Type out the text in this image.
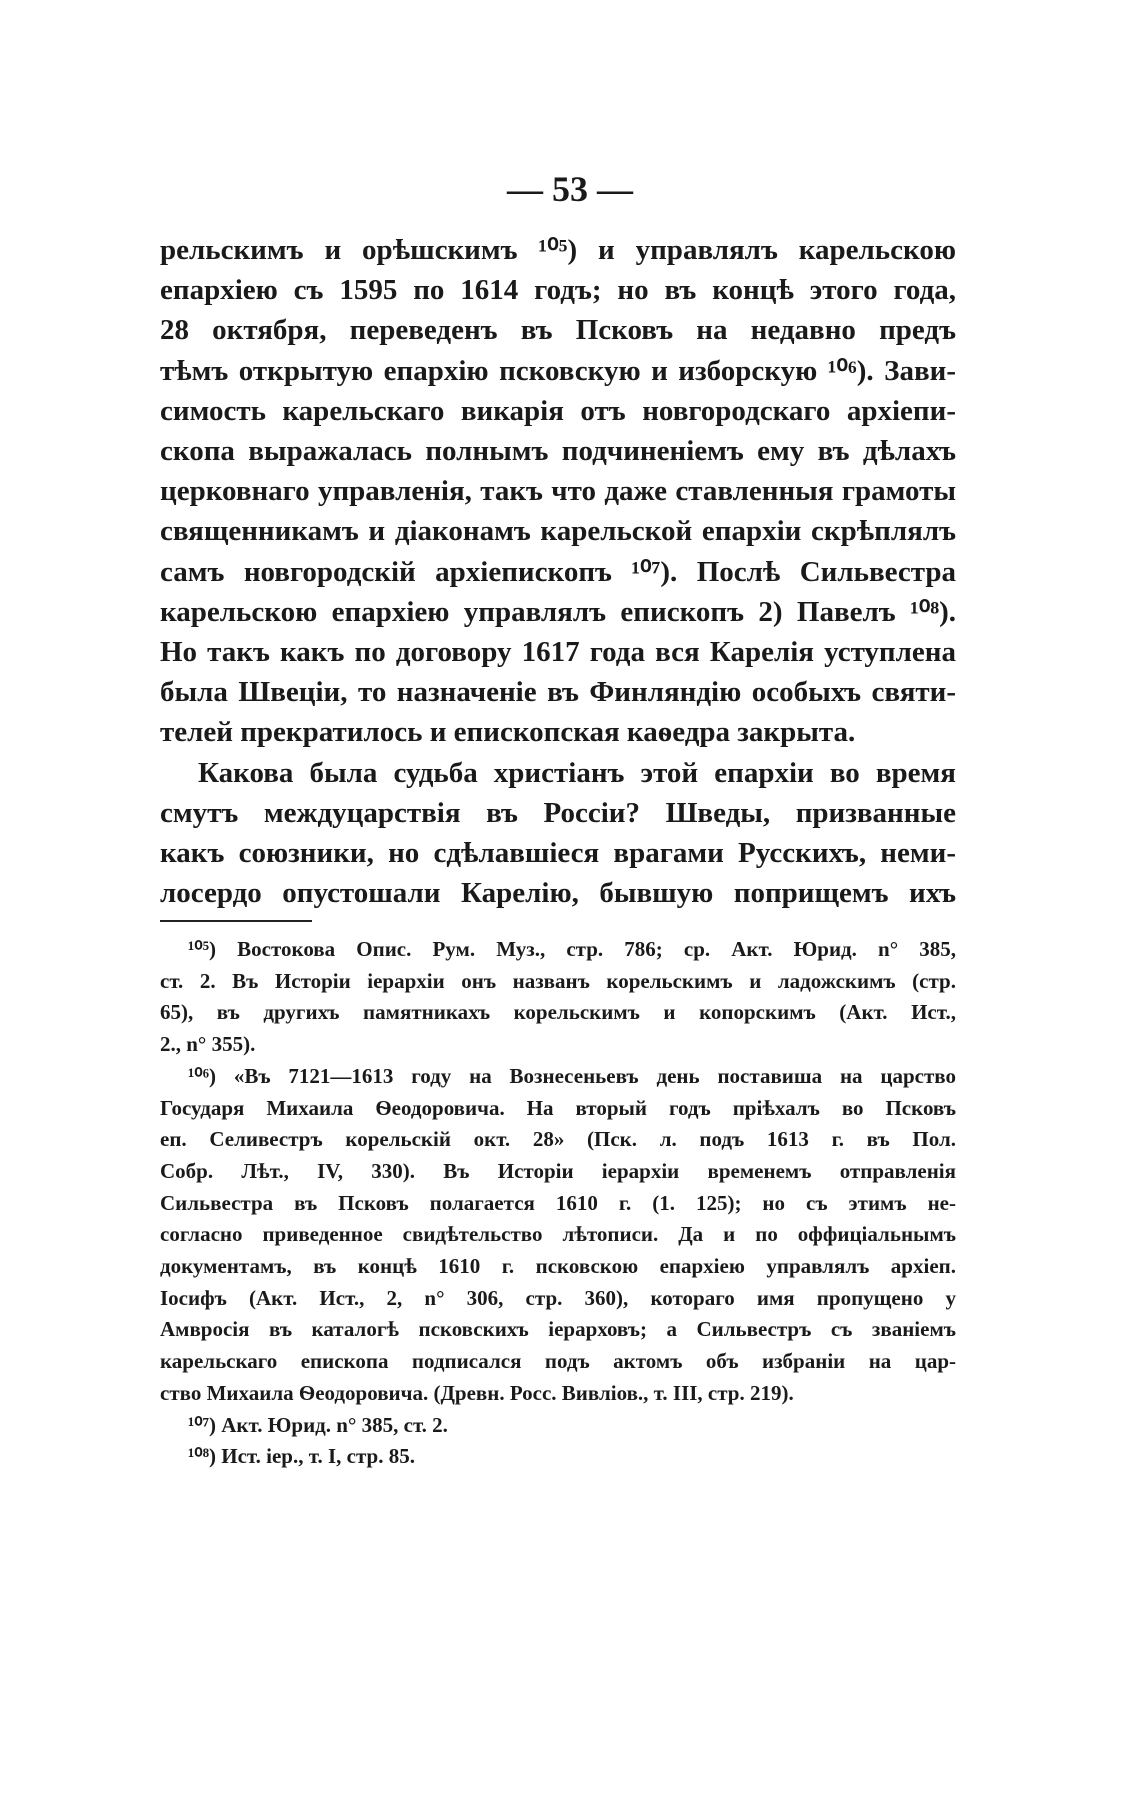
— 53 —
рельскимъ и орѣшскимъ ¹⁰⁵) и управлялъ карельскою
епархіею съ 1595 по 1614 годъ; но въ концѣ этого года,
28 октября, переведенъ въ Псковъ на недавно предъ
тѣмъ открытую епархію псковскую и изборскую ¹⁰⁶). Зави-
симость карельскаго викарія отъ новгородскаго архіепи-
скопа выражалась полнымъ подчиненіемъ ему въ дѣлахъ
церковнаго управленія, такъ что даже ставленныя грамоты
священникамъ и діаконамъ карельской епархіи скрѣплялъ
самъ новгородскій архіепископъ ¹⁰⁷). Послѣ Сильвестра
карельскою епархіею управлялъ епископъ 2) Павелъ ¹⁰⁸).
Но такъ какъ по договору 1617 года вся Карелія уступлена
была Швеціи, то назначеніе въ Финляндію особыхъ святи-
телей прекратилось и епископская каѳедра закрыта.
Какова была судьба христіанъ этой епархіи во время
смутъ междуцарствія въ Россіи? Шведы, призванные
какъ союзники, но сдѣлавшіеся врагами Русскихъ, неми-
лосердо опустошали Карелію, бывшую поприщемъ ихъ
¹⁰⁵) Востокова Опис. Рум. Муз., стр. 786; ср. Акт. Юрид. n° 385,
ст. 2. Въ Исторіи іерархіи онъ названъ корельскимъ и ладожскимъ (стр.
65), въ другихъ памятникахъ корельскимъ и копорскимъ (Акт. Ист.,
2., n° 355).
¹⁰⁶) «Въ 7121—1613 году на Вознесеньевъ день поставиша на царство
Государя Михаила Ѳеодоровича. На вторый годъ пріѣхалъ во Псковъ
еп. Селивестръ корельскій окт. 28» (Пск. л. подъ 1613 г. въ Пол.
Собр. Лѣт., IV, 330). Въ Исторіи іерархіи временемъ отправленія
Сильвестра въ Псковъ полагается 1610 г. (1. 125); но съ этимъ не-
согласно приведенное свидѣтельство лѣтописи. Да и по оффиціальнымъ
документамъ, въ концѣ 1610 г. псковскою епархіею управлялъ архіеп.
Іосифъ (Акт. Ист., 2, n° 306, стр. 360), котораго имя пропущено у
Амвросія въ каталогѣ псковскихъ іерарховъ; а Сильвестръ съ званіемъ
карельскаго епископа подписался подъ актомъ объ избраніи на цар-
ство Михаила Ѳеодоровича. (Древн. Росс. Вивліов., т. III, стр. 219).
¹⁰⁷) Акт. Юрид. n° 385, ст. 2.
¹⁰⁸) Ист. іер., т. I, стр. 85.
